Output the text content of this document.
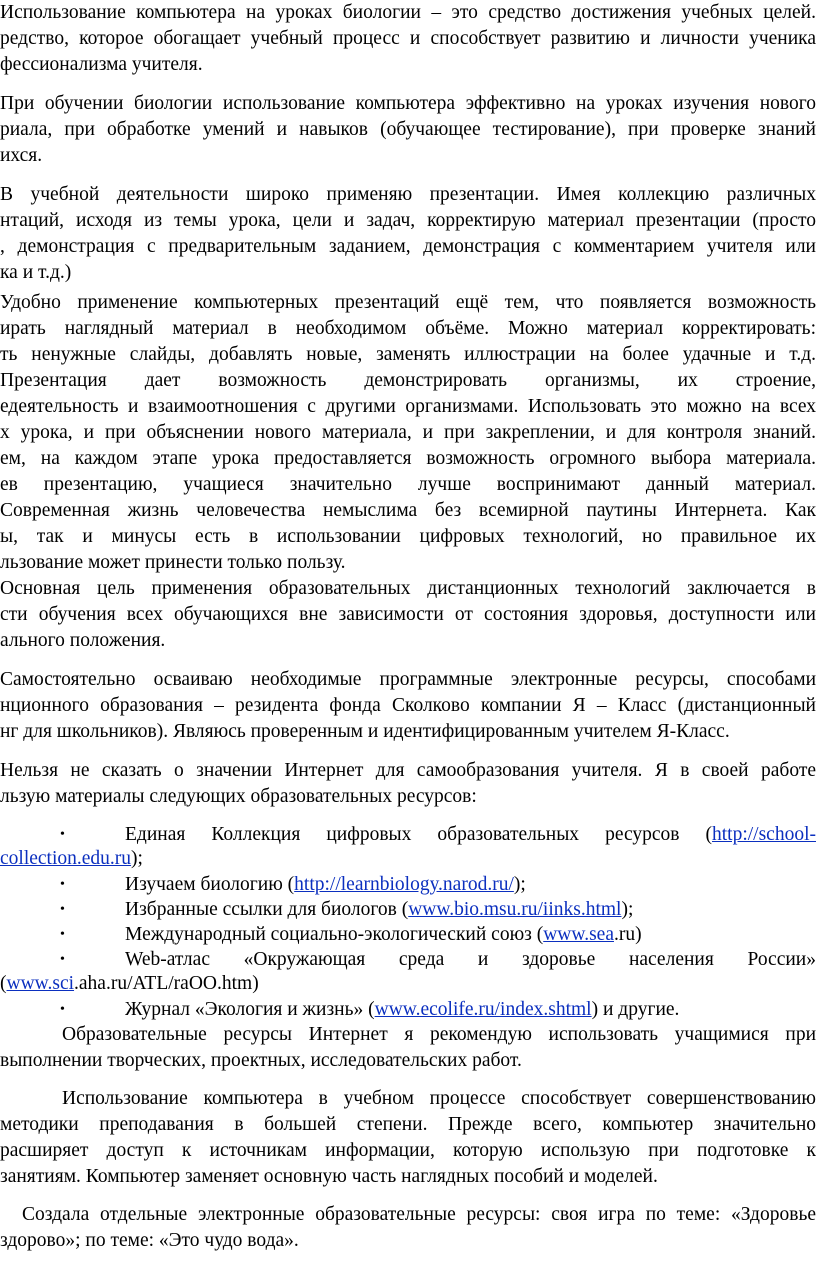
Использование компьютера на уроках биологии – это средство достижения учебных целей.
редство, которое обогащает учебный процесс и способствует развитию и личности ученика
фессионализма учителя.
При обучении биологии использование компьютера эффективно на уроках изучения нового
риала, при обработке умений и навыков (обучающее тестирование), при проверке знаний
ихся.
В учебной деятельности широко применяю презентации. Имея коллекцию различных
нтаций, исходя из темы урока, цели и задач, корректирую материал презентации (просто
, демонстрация с предварительным заданием, демонстрация с комментарием учителя или
ка и т.д.)
Удобно применение компьютерных презентаций ещё тем, что появляется возможность
ирать наглядный материал в необходимом объёме. Можно материал корректировать:
ть ненужные слайды, добавлять новые, заменять иллюстрации на более удачные и т.д.
Презентация дает возможность демонстрировать организмы, их строение,
едеятельность и взаимоотношения с другими организмами. Использовать это можно на всех
х урока, и при объяснении нового материала, и при закреплении, и для контроля знаний.
ем, на каждом этапе урока предоставляется возможность огромного выбора материала.
ев презентацию, учащиеся значительно лучше воспринимают данный материал.
Современная жизнь человечества немыслима без всемирной паутины Интернета. Как
ы, так и минусы есть в использовании цифровых технологий, но правильное их
льзование может принести только пользу.
Основная цель применения образовательных дистанционных технологий заключается в
сти обучения всех обучающихся вне зависимости от состояния здоровья, доступности или
ального положения.
Самостоятельно осваиваю необходимые программные электронные ресурсы, способами
нционного образования – резидента фонда Сколково компании Я – Класс (дистанционный
нг для школьников). Являюсь проверенным и идентифицированным учителем Я-Класс.
Нельзя не сказать о значении Интернет для самообразования учителя. Я в своей работе
льзую материалы следующих образовательных ресурсов:
•	Единая Коллекция цифровых образовательных ресурсов (http://school-
collection.edu.ru);
•	Изучаем биологию (http://learnbiology.narod.ru/);
•	Избранные ссылки для биологов (www.bio.msu.ru/iinks.html);
•	Международный социально-экологический союз (www.sea.ru)
•	Web-атлас «Окружающая среда и здоровье населения России»
(www.sci.aha.ru/ATL/raOO.htm)
•	Журнал «Экология и жизнь» (www.ecolife.ru/index.shtml) и другие.
Образовательные ресурсы Интернет я рекомендую использовать учащимися при
выполнении творческих, проектных, исследовательских работ.
Использование компьютера в учебном процессе способствует совершенствованию
методики преподавания в большей степени. Прежде всего, компьютер значительно
расширяет доступ к источникам информации, которую использую при подготовке к
занятиям. Компьютер заменяет основную часть наглядных пособий и моделей.
Создала отдельные электронные образовательные ресурсы: своя игра по теме: «Здоровье
здорово»; по теме: «Это чудо вода».
